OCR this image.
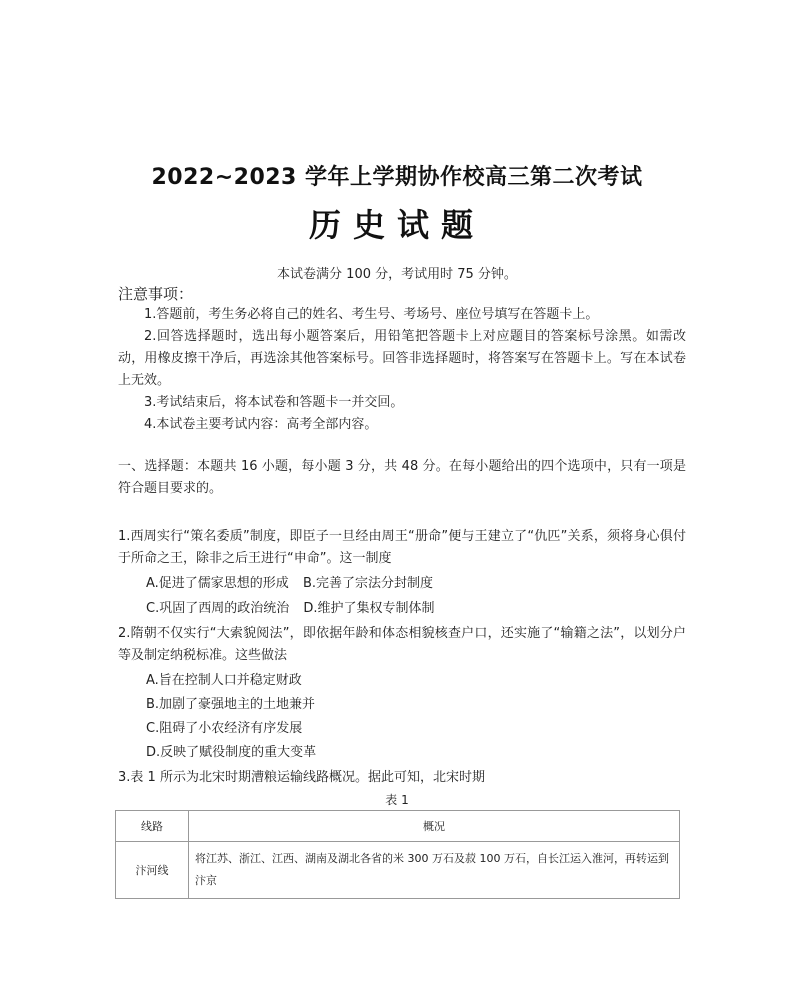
2022~2023 学年上学期协作校高三第二次考试
历史试题
本试卷满分 100 分，考试用时 75 分钟。
注意事项：
1.答题前，考生务必将自己的姓名、考生号、考场号、座位号填写在答题卡上。
2.回答选择题时，选出每小题答案后，用铅笔把答题卡上对应题目的答案标号涂黑。如需改动，用橡皮擦干净后，再选涂其他答案标号。回答非选择题时，将答案写在答题卡上。写在本试卷上无效。
3.考试结束后，将本试卷和答题卡一并交回。
4.本试卷主要考试内容：高考全部内容。
一、选择题：本题共 16 小题，每小题 3 分，共 48 分。在每小题给出的四个选项中，只有一项是符合题目要求的。
1.西周实行“策名委质”制度，即臣子一旦经由周王“册命”便与王建立了“仇匹”关系，须将身心俱付于所命之王，除非之后王进行“申命”。这一制度
A.促进了儒家思想的形成 B.完善了宗法分封制度
C.巩固了西周的政治统治 D.维护了集权专制体制
2.隋朝不仅实行“大索貌阅法”，即依据年龄和体态相貌核查户口，还实施了“输籍之法”，以划分户等及制定纳税标准。这些做法
A.旨在控制人口并稳定财政
B.加剧了豪强地主的土地兼并
C.阻碍了小农经济有序发展
D.反映了赋役制度的重大变革
3.表 1 所示为北宋时期漕粮运输线路概况。据此可知，北宋时期
表 1
线路	概况
汴河线	将江苏、浙江、江西、湖南及湖北各省的米 300 万石及菽 100 万石，自长江运入淮河，再转运到汴京
